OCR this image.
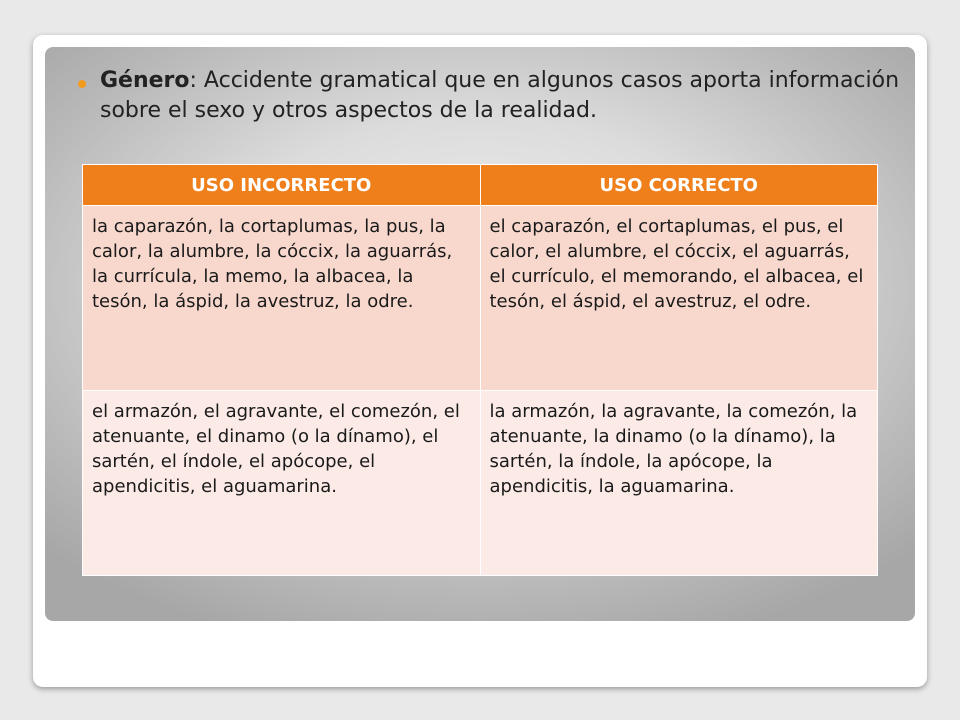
Género: Accidente gramatical que en algunos casos aporta información sobre el sexo y otros aspectos de la realidad.
USO INCORRECTO	USO CORRECTO
la caparazón, la cortaplumas, la pus, la calor, la alumbre, la cóccix, la aguarrás, la currícula, la memo, la albacea, la tesón, la áspid, la avestruz, la odre.	el caparazón, el cortaplumas, el pus, el calor, el alumbre, el cóccix, el aguarrás, el currículo, el memorando, el albacea, el tesón, el áspid, el avestruz, el odre.
el armazón, el agravante, el comezón, el atenuante, el dinamo (o la dínamo), el sartén, el índole, el apócope, el apendicitis, el aguamarina.	la armazón, la agravante, la comezón, la atenuante, la dinamo (o la dínamo), la sartén, la índole, la apócope, la apendicitis, la aguamarina.
